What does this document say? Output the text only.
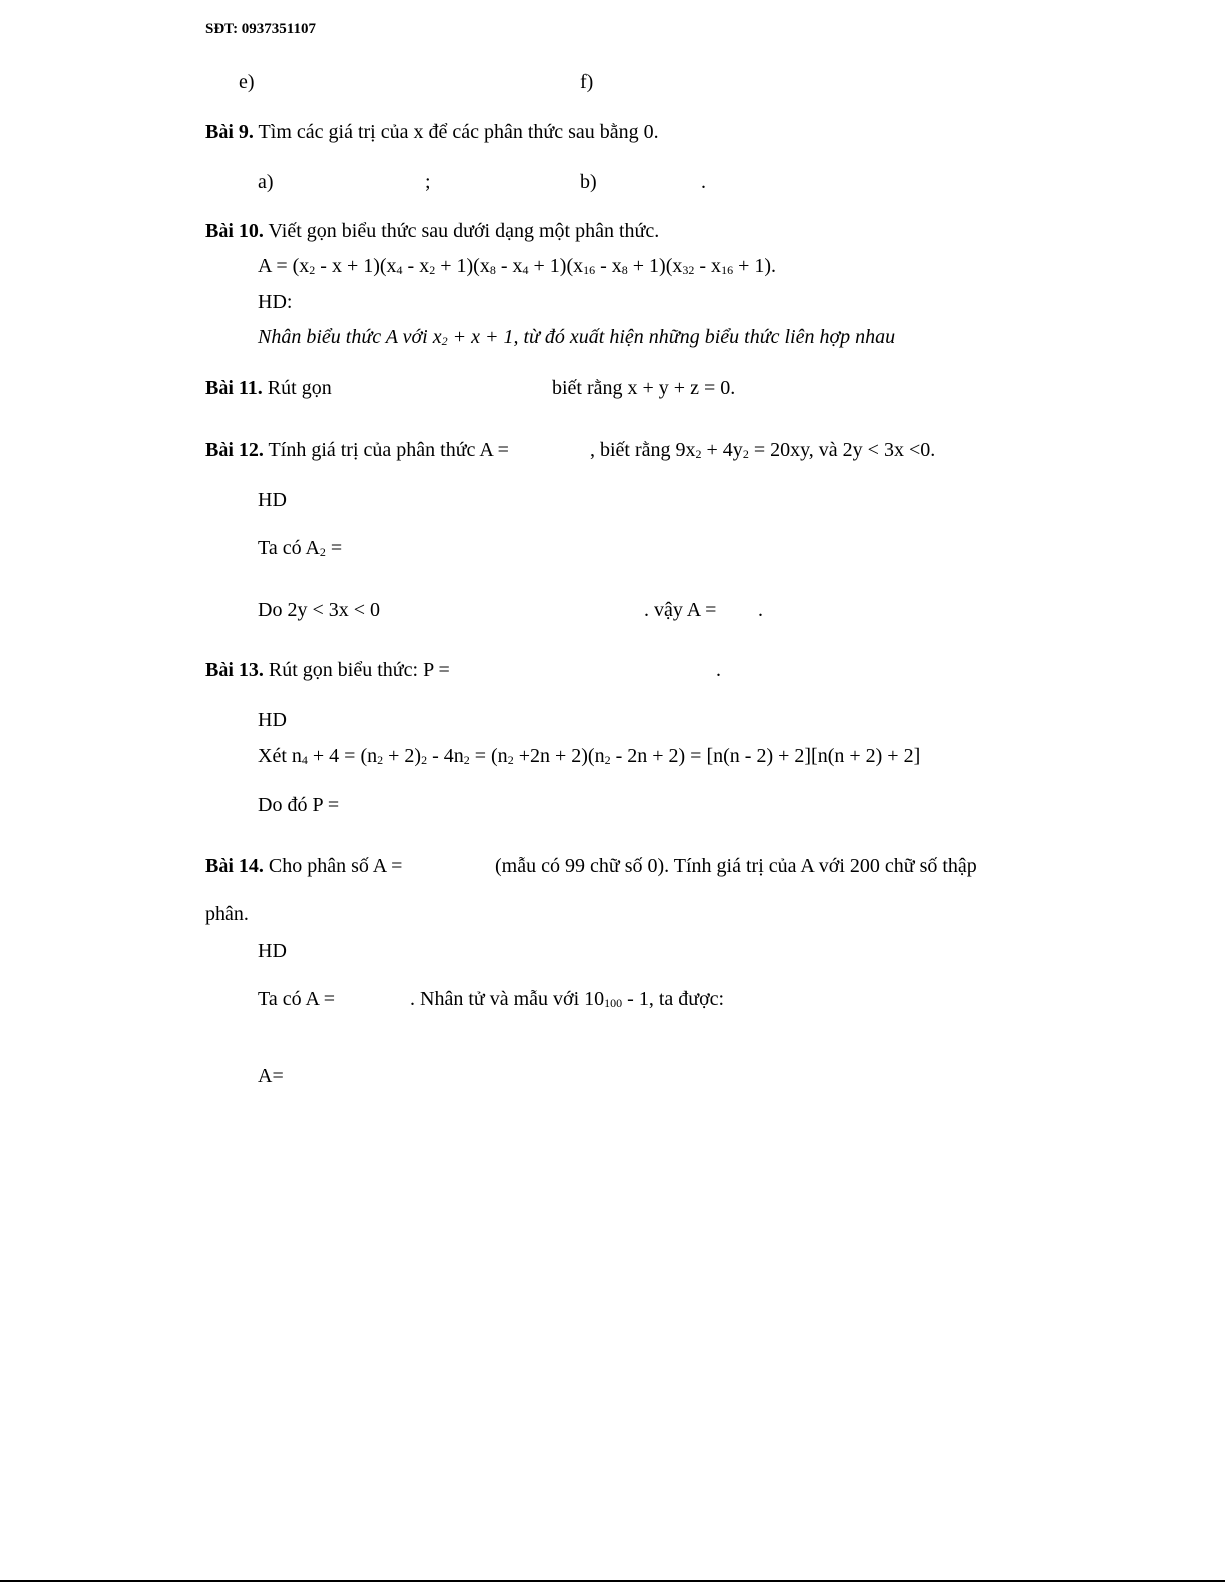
SĐT: 0937351107
e)	f)
Bài 9. Tìm các giá trị của x để các phân thức sau bằng 0.
a)	;	b)	.
Bài 10. Viết gọn biểu thức sau dưới dạng một phân thức.
A = (x2 - x + 1)(x4 - x2 + 1)(x8 - x4 + 1)(x16 - x8 + 1)(x32 - x16 + 1).
HD:
Nhân biểu thức A với x2 + x + 1, từ đó xuất hiện những biểu thức liên hợp nhau
Bài 11. Rút gọn	biết rằng x + y + z = 0.
Bài 12. Tính giá trị của phân thức A =	, biết rằng 9x2 + 4y2 = 20xy, và 2y < 3x <0.
HD
Ta có A2 =
Do 2y < 3x < 0	. vậy A = .
Bài 13. Rút gọn biểu thức: P =	.
HD
Xét n4 + 4 = (n2 + 2)2 - 4n2 = (n2 +2n + 2)(n2 - 2n + 2) = [n(n - 2) + 2][n(n + 2) + 2]
Do đó P =
Bài 14. Cho phân số A =	(mẫu có 99 chữ số 0). Tính giá trị của A với 200 chữ số thập
phân.
HD
Ta có A =	. Nhân tử và mẫu với 10100 - 1, ta được:
A=
